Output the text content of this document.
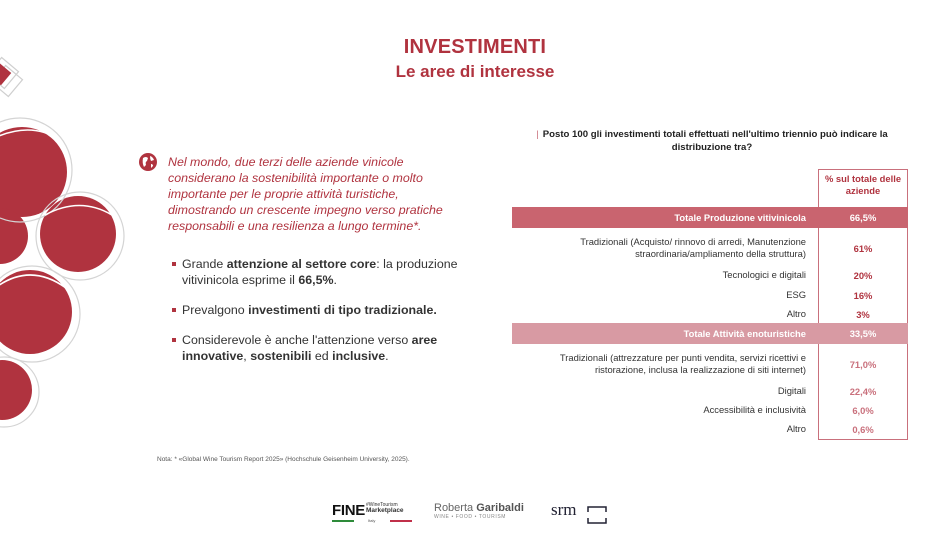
INVESTIMENTI
Le aree di interesse
Nel mondo, due terzi delle aziende vinicole considerano la sostenibilità importante o molto importante per le proprie attività turistiche, dimostrando un crescente impegno verso pratiche responsabili e una resilienza a lungo termine*.
Grande attenzione al settore core: la produzione vitivinicola esprime il 66,5%.
Prevalgono investimenti di tipo tradizionale.
Considerevole è anche l'attenzione verso aree innovative, sostenibili ed inclusive.
Nota: * «Global Wine Tourism Report 2025» (Hochschule Geisenheim University, 2025).
| Posto 100 gli investimenti totali effettuati nell'ultimo triennio può indicare la distribuzione tra?
% sul totale delle aziende
Totale Produzione vitivinicola	66,5%
Tradizionali (Acquisto/ rinnovo di arredi, Manutenzione straordinaria/ampliamento della struttura)	61%
Tecnologici e digitali	20%
ESG	16%
Altro	3%
Totale Attività enoturistiche	33,5%
Tradizionali (attrezzature per punti vendita, servizi ricettivi e ristorazione, inclusa la realizzazione di siti internet)	71,0%
Digitali	22,4%
Accessibilità e inclusività	6,0%
Altro	0,6%
FINE#WineTourism
Marketplace
Italy
Roberta Garibaldi
WINE • FOOD • TOURISM	srm
